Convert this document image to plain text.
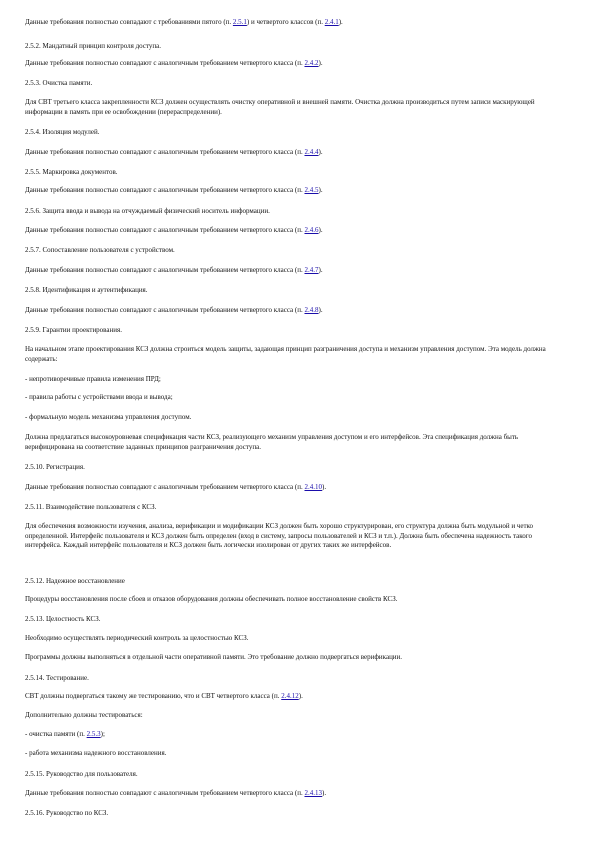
Данные требования полностью совпадают с требованиями пятого (п. 2.5.1) и четвертого классов (п. 2.4.1).

2.5.2. Мандатный принцип контроля доступа.

Данные требования полностью совпадают с аналогичным требованием четвертого класса (п. 2.4.2).

2.5.3. Очистка памяти.

Для СВТ третьего класса закрепленности КСЗ должен осуществлять очистку оперативной и внешней памяти. Очистка должна производиться путем записи маскирующей информации в память при ее освобождении (перераспределении).

2.5.4. Изоляция модулей.

Данные требования полностью совпадают с аналогичным требованием четвертого класса (п. 2.4.4).

2.5.5. Маркировка документов.

Данные требования полностью совпадают с аналогичным требованием четвертого класса (п. 2.4.5).

2.5.6. Защита ввода и вывода на отчуждаемый физический носитель информации.

Данные требования полностью совпадают с аналогичным требованием четвертого класса (п. 2.4.6).

2.5.7. Сопоставление пользователя с устройством.

Данные требования полностью совпадают с аналогичным требованием четвертого класса (п. 2.4.7).

2.5.8. Идентификация и аутентификация.

Данные требования полностью совпадают с аналогичным требованием четвертого класса (п. 2.4.8).

2.5.9. Гарантии проектирования.

На начальном этапе проектирования КСЗ должна строиться модель защиты, задающая принцип разграничения доступа и механизм управления доступом. Эта модель должна содержать:

- непротиворечивые правила изменения ПРД;

- правила работы с устройствами ввода и вывода;

- формальную модель механизма управления доступом.

Должна предлагаться высокоуровневая спецификация части КСЗ, реализующего механизм управления доступом и его интерфейсов. Эта спецификация должна быть верифицирована на соответствие заданных принципов разграничения доступа.

2.5.10. Регистрация.

Данные требования полностью совпадают с аналогичным требованием четвертого класса (п. 2.4.10).

2.5.11. Взаимодействие пользователя с КСЗ.

Для обеспечения возможности изучения, анализа, верификации и модификации КСЗ должен быть хорошо структурирован, его структура должна быть модульной и четко определенной. Интерфейс пользователя и КСЗ должен быть определен (вход в систему, запросы пользователей и КСЗ и т.п.). Должна быть обеспечена надежность такого интерфейса. Каждый интерфейс пользователя и КСЗ должен быть логически изолирован от других таких же интерфейсов.

2.5.12. Надежное восстановление

Процедуры восстановления после сбоев и отказов оборудования должны обеспечивать полное восстановление свойств КСЗ.

2.5.13. Целостность КСЗ.

Необходимо осуществлять периодический контроль за целостностью КСЗ.

Программы должны выполняться в отдельной части оперативной памяти. Это требование должно подвергаться верификации.

2.5.14. Тестирование.

СВТ должны подвергаться такому же тестированию, что и СВТ четвертого класса (п. 2.4.12).

Дополнительно должны тестироваться:

- очистка памяти (п. 2.5.3);

- работа механизма надежного восстановления.

2.5.15. Руководство для пользователя.

Данные требования полностью совпадают с аналогичным требованием четвертого класса (п. 2.4.13).

2.5.16. Руководство по КСЗ.
